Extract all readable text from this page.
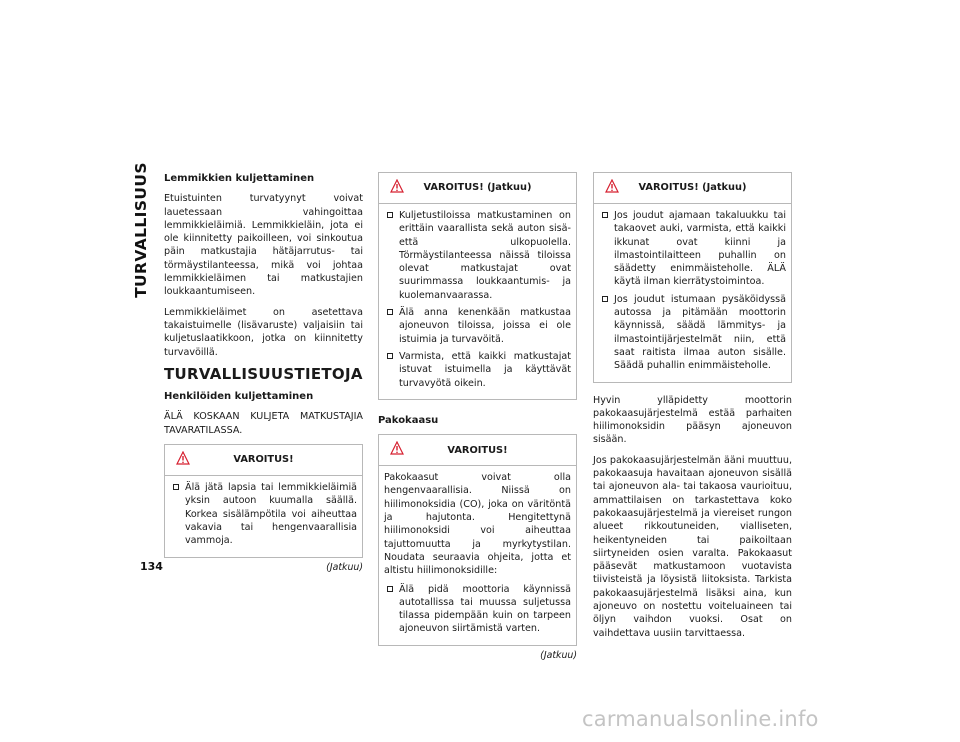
TURVALLISUUS
134
Lemmikkien kuljettaminen
Etuistuinten turvatyynyt voivat lauetessaan vahingoittaa lemmikkieläimiä. Lemmikkieläin, jota ei ole kiinnitetty paikoilleen, voi sinkoutua päin matkustajia hätäjarrutus- tai törmäystilanteessa, mikä voi johtaa lemmikkieläimen tai matkustajien loukkaantumiseen.
Lemmikkieläimet on asetettava takaistuimelle (lisävaruste) valjaisiin tai kuljetuslaatikkoon, jotka on kiinnitetty turvavöillä.
TURVALLISUUSTIETOJA
Henkilöiden kuljettaminen
ÄLÄ KOSKAAN KULJETA MATKUSTAJIA TAVARATILASSA.
VAROITUS!
Älä jätä lapsia tai lemmikkieläimiä yksin autoon kuumalla säällä. Korkea sisälämpötila voi aiheuttaa vakavia tai hengenvaarallisia vammoja.
(Jatkuu)
VAROITUS! (Jatkuu)
Kuljetustiloissa matkustaminen on erittäin vaarallista sekä auton sisä- että ulkopuolella. Törmäystilanteessa näissä tiloissa olevat matkustajat ovat suurimmassa loukkaantumis- ja kuolemanvaarassa.
Älä anna kenenkään matkustaa ajoneuvon tiloissa, joissa ei ole istuimia ja turvavöitä.
Varmista, että kaikki matkustajat istuvat istuimella ja käyttävät turvavyötä oikein.
Pakokaasu
VAROITUS!
Pakokaasut voivat olla hengenvaarallisia. Niissä on hiilimonoksidia (CO), joka on väritöntä ja hajutonta. Hengitettynä hiilimonoksidi voi aiheuttaa tajuttomuutta ja myrkytystilan. Noudata seuraavia ohjeita, jotta et altistu hiilimonoksidille:
Älä pidä moottoria käynnissä autotallissa tai muussa suljetussa tilassa pidempään kuin on tarpeen ajoneuvon siirtämistä varten.
(Jatkuu)
VAROITUS! (Jatkuu)
Jos joudut ajamaan takaluukku tai takaovet auki, varmista, että kaikki ikkunat ovat kiinni ja ilmastointilaitteen puhallin on säädetty enimmäisteholle. ÄLÄ käytä ilman kierrätystoimintoa.
Jos joudut istumaan pysäköidyssä autossa ja pitämään moottorin käynnissä, säädä lämmitys- ja ilmastointijärjestelmät niin, että saat raitista ilmaa auton sisälle. Säädä puhallin enimmäisteholle.
Hyvin ylläpidetty moottorin pakokaasujärjestelmä estää parhaiten hiilimonoksidin pääsyn ajoneuvon sisään.
Jos pakokaasujärjestelmän ääni muuttuu, pakokaasuja havaitaan ajoneuvon sisällä tai ajoneuvon ala- tai takaosa vaurioituu, ammattilaisen on tarkastettava koko pakokaasujärjestelmä ja viereiset rungon alueet rikkoutuneiden, vialliseten, heikentyneiden tai paikoiltaan siirtyneiden osien varalta. Pakokaasut pääsevät matkustamoon vuotavista tiivisteistä ja löysistä liitoksista. Tarkista pakokaasujärjestelmä lisäksi aina, kun ajoneuvo on nostettu voiteluaineen tai öljyn vaihdon vuoksi. Osat on vaihdettava uusiin tarvittaessa.
carmanualsonline.info
